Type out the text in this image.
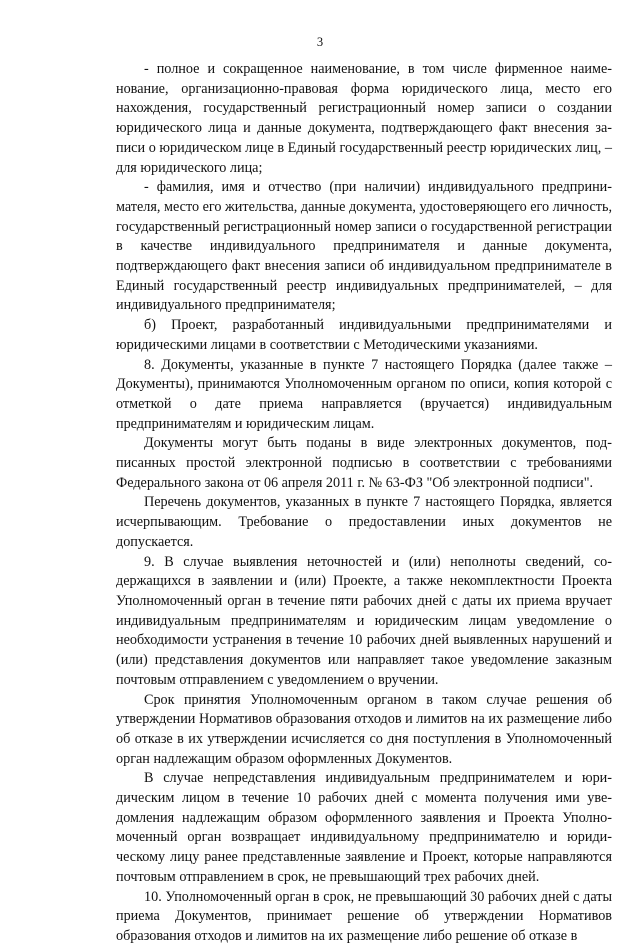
3

- полное и сокращенное наименование, в том числе фирменное наименование, организационно-правовая форма юридического лица, место его нахождения, государственный регистрационный номер записи о создании юридического лица и данные документа, подтверждающего факт внесения записи о юридическом лице в Единый государственный реестр юридических лиц, – для юридического лица;

- фамилия, имя и отчество (при наличии) индивидуального предпринимателя, место его жительства, данные документа, удостоверяющего его личность, государственный регистрационный номер записи о государственной регистрации в качестве индивидуального предпринимателя и данные документа, подтверждающего факт внесения записи об индивидуальном предпринимателе в Единый государственный реестр индивидуальных предпринимателей, – для индивидуального предпринимателя;

б) Проект, разработанный индивидуальными предпринимателями и юридическими лицами в соответствии с Методическими указаниями.

8. Документы, указанные в пункте 7 настоящего Порядка (далее также – Документы), принимаются Уполномоченным органом по описи, копия которой с отметкой о дате приема направляется (вручается) индивидуальным предпринимателям и юридическим лицам.

Документы могут быть поданы в виде электронных документов, подписанных простой электронной подписью в соответствии с требованиями Федерального закона от 06 апреля 2011 г. № 63-ФЗ "Об электронной подписи".

Перечень документов, указанных в пункте 7 настоящего Порядка, является исчерпывающим. Требование о предоставлении иных документов не допускается.

9. В случае выявления неточностей и (или) неполноты сведений, содержащихся в заявлении и (или) Проекте, а также некомплектности Проекта Уполномоченный орган в течение пяти рабочих дней с даты их приема вручает индивидуальным предпринимателям и юридическим лицам уведомление о необходимости устранения в течение 10 рабочих дней выявленных нарушений и (или) представления документов или направляет такое уведомление заказным почтовым отправлением с уведомлением о вручении.

Срок принятия Уполномоченным органом в таком случае решения об утверждении Нормативов образования отходов и лимитов на их размещение либо об отказе в их утверждении исчисляется со дня поступления в Уполномоченный орган надлежащим образом оформленных Документов.

В случае непредставления индивидуальным предпринимателем и юридическим лицом в течение 10 рабочих дней с момента получения ими уведомления надлежащим образом оформленного заявления и Проекта Уполномоченный орган возвращает индивидуальному предпринимателю и юридическому лицу ранее представленные заявление и Проект, которые направляются почтовым отправлением в срок, не превышающий трех рабочих дней.

10. Уполномоченный орган в срок, не превышающий 30 рабочих дней с даты приема Документов, принимает решение об утверждении Нормативов образования отходов и лимитов на их размещение либо решение об отказе в
